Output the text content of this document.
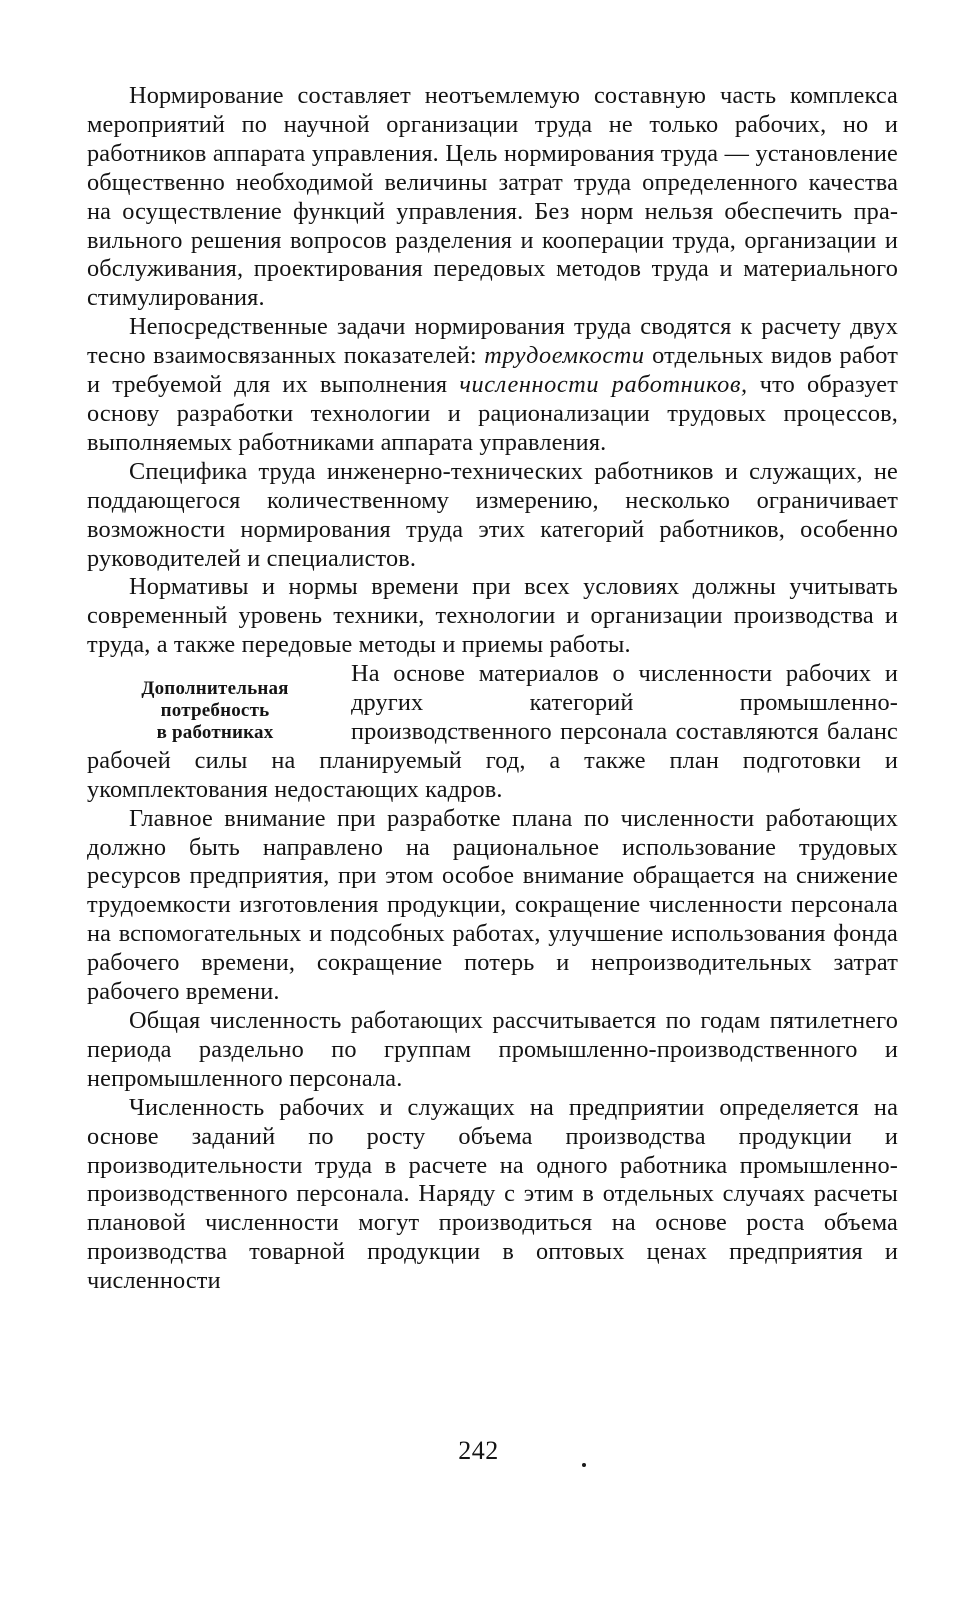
Нормирование составляет неотъемлемую составную часть комплекса мероприятий по научной организации труда не только рабочих, но и работников аппарата управления. Цель нормирования труда — установление общественно необходимой величины затрат труда определенного качества на осуществление функций управления. Без норм нельзя обеспечить правильного решения вопросов разделения и кооперации труда, организации и обслуживания, проектирования передовых методов труда и материального стимулирования.

Непосредственные задачи нормирования труда сводятся к расчету двух тесно взаимосвязанных показателей: трудоемкости отдельных видов работ и требуемой для их выполнения численности работников, что образует основу разработки технологии и рационализации трудовых процессов, выполняемых работниками аппарата управления.

Специфика труда инженерно-технических работников и служащих, не поддающегося количественному измерению, несколько ограничивает возможности нормирования труда этих категорий работников, особенно руководителей и специалистов.

Нормативы и нормы времени при всех условиях должны учитывать современный уровень техники, технологии и организации производства и труда, а также передовые методы и приемы работы.

Дополнительная
потребность
в работниках

На основе материалов о численности рабочих и других категорий промышленно-производственного персонала составляются баланс рабочей силы на планируемый год, а также план подготовки и укомплектования недостающих кадров.

Главное внимание при разработке плана по численности работающих должно быть направлено на рациональное использование трудовых ресурсов предприятия, при этом особое внимание обращается на снижение трудоемкости изготовления продукции, сокращение численности персонала на вспомогательных и подсобных работах, улучшение использования фонда рабочего времени, сокращение потерь и непроизводительных затрат рабочего времени.

Общая численность работающих рассчитывается по годам пятилетнего периода раздельно по группам промышленно-производственного и непромышленного персонала.

Численность рабочих и служащих на предприятии определяется на основе заданий по росту объема производства продукции и производительности труда в расчете на одного работника промышленно-производственного персонала. Наряду с этим в отдельных случаях расчеты плановой численности могут производиться на основе роста объема производства товарной продукции в оптовых ценах предприятия и численности

242
